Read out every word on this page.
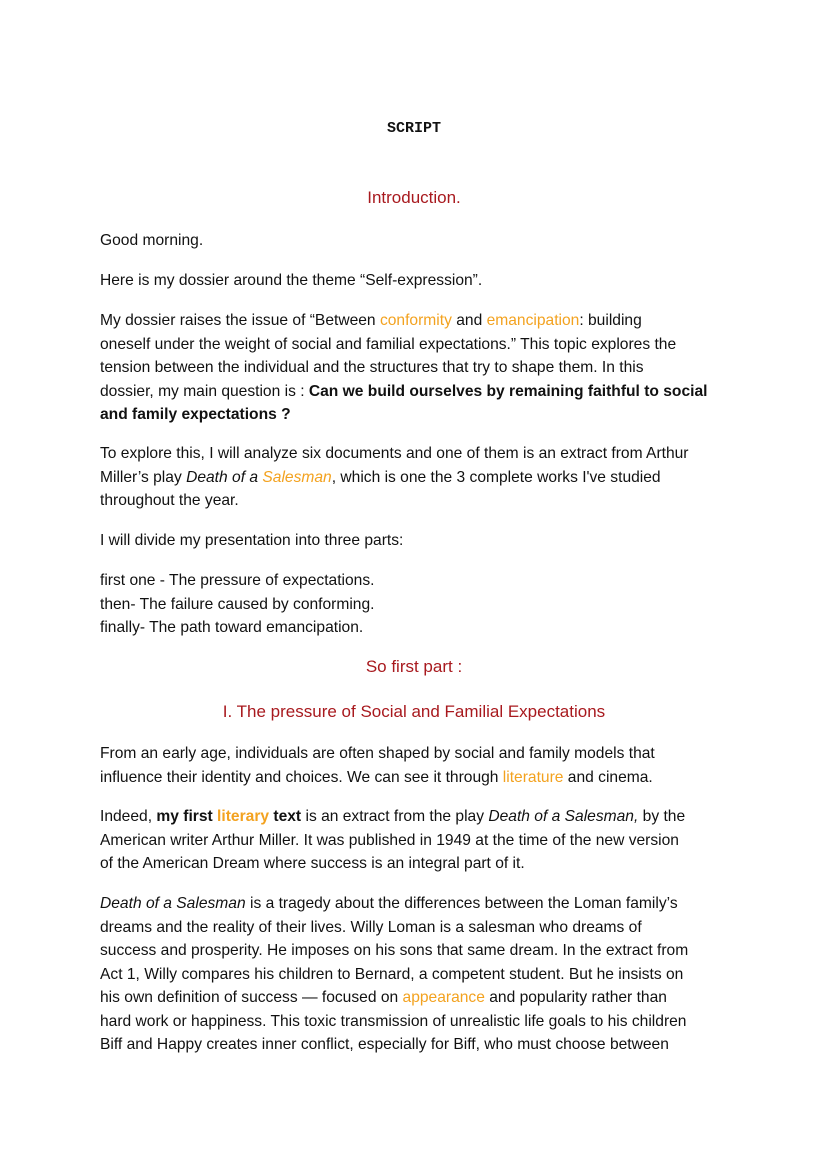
SCRIPT
Introduction.
Good morning.
Here is my dossier around the theme “Self-expression”.
My dossier raises the issue of “Between conformity and emancipation: building
oneself under the weight of social and familial expectations.” This topic explores the
tension between the individual and the structures that try to shape them. In this
dossier, my main question is : Can we build ourselves by remaining faithful to social
and family expectations ?
To explore this, I will analyze six documents and one of them is an extract from Arthur
Miller’s play Death of a Salesman, which is one the 3 complete works I've studied
throughout the year.
I will divide my presentation into three parts:
first one - The pressure of expectations.
then- The failure caused by conforming.
finally- The path toward emancipation.
So first part :
I. The pressure of Social and Familial Expectations
From an early age, individuals are often shaped by social and family models that
influence their identity and choices. We can see it through literature and cinema.
Indeed, my first literary text is an extract from the play Death of a Salesman, by the
American writer Arthur Miller. It was published in 1949 at the time of the new version
of the American Dream where success is an integral part of it.
Death of a Salesman is a tragedy about the differences between the Loman family’s
dreams and the reality of their lives. Willy Loman is a salesman who dreams of
success and prosperity. He imposes on his sons that same dream. In the extract from
Act 1, Willy compares his children to Bernard, a competent student. But he insists on
his own definition of success — focused on appearance and popularity rather than
hard work or happiness. This toxic transmission of unrealistic life goals to his children
Biff and Happy creates inner conflict, especially for Biff, who must choose between
